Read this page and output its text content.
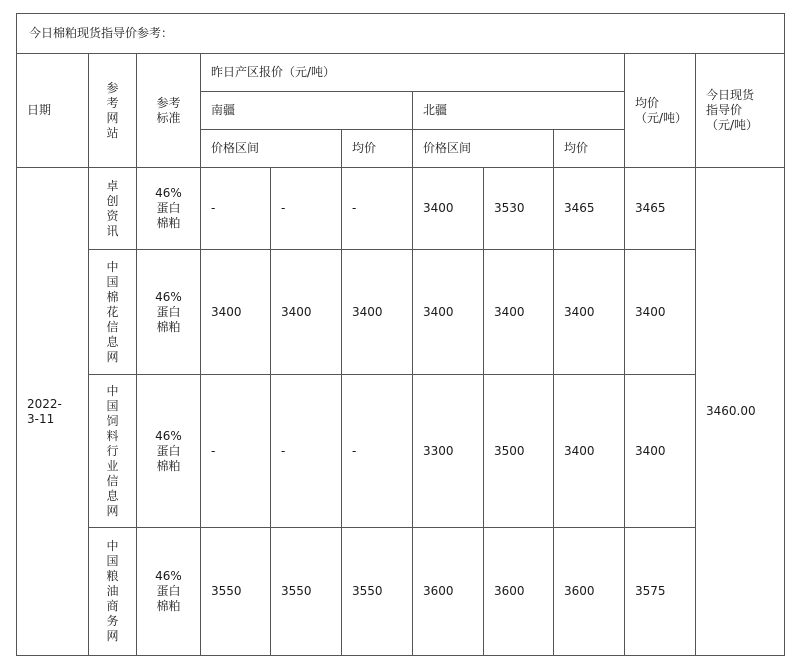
今日棉粕现货指导价参考：										
日期	参考网站	参考标准	昨日产区报价（元/吨）						均价（元/吨）	今日现货指导价（元/吨）
			南疆			北疆				
			价格区间		均价	价格区间		均价		
2022-3-11	卓创资讯	46%蛋白棉粕	-	-	-	3400	3530	3465	3465	3460.00
	中国棉花信息网	46%蛋白棉粕	3400	3400	3400	3400	3400	3400	3400	
	中国饲料行业信息网	46%蛋白棉粕	-	-	-	3300	3500	3400	3400	
	中国粮油商务网	46%蛋白棉粕	3550	3550	3550	3600	3600	3600	3575	
